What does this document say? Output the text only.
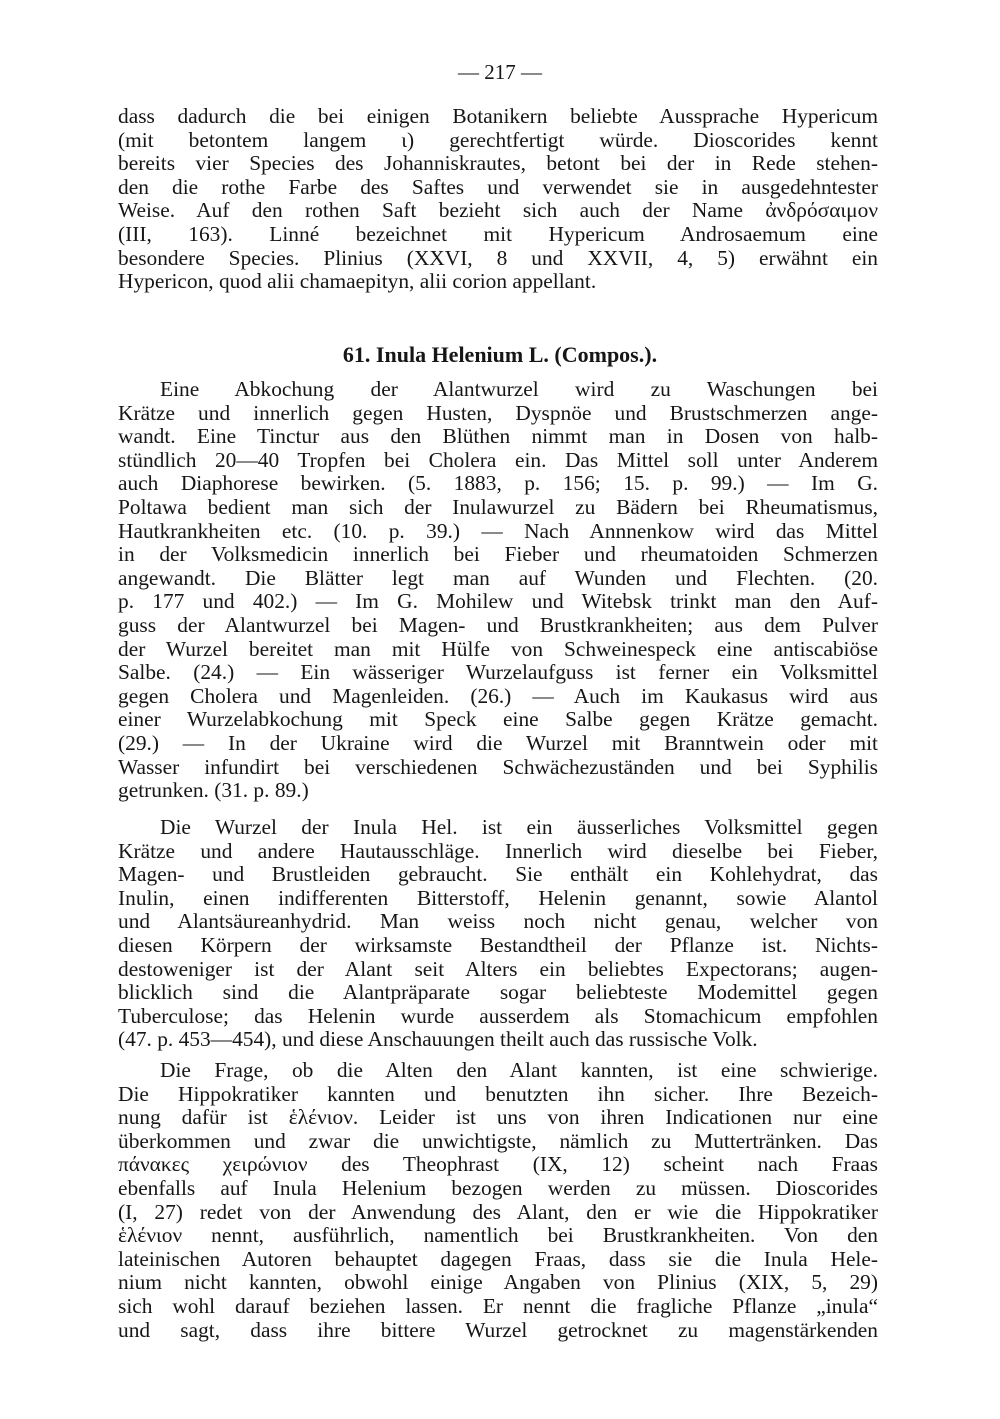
— 217 —
dass dadurch die bei einigen Botanikern beliebte Aussprache Hypericum
(mit betontem langem ι) gerechtfertigt würde. Dioscorides kennt
bereits vier Species des Johanniskrautes, betont bei der in Rede stehen-
den die rothe Farbe des Saftes und verwendet sie in ausgedehntester
Weise. Auf den rothen Saft bezieht sich auch der Name ἀνδρόσαιμον
(III, 163). Linné bezeichnet mit Hypericum Androsaemum eine
besondere Species. Plinius (XXVI, 8 und XXVII, 4, 5) erwähnt ein
Hypericon, quod alii chamaepityn, alii corion appellant.
61. Inula Helenium L. (Compos.).
Eine Abkochung der Alantwurzel wird zu Waschungen bei
Krätze und innerlich gegen Husten, Dyspnöe und Brustschmerzen ange-
wandt. Eine Tinctur aus den Blüthen nimmt man in Dosen von halb-
stündlich 20—40 Tropfen bei Cholera ein. Das Mittel soll unter Anderem
auch Diaphorese bewirken. (5. 1883, p. 156; 15. p. 99.) — Im G.
Poltawa bedient man sich der Inulawurzel zu Bädern bei Rheumatismus,
Hautkrankheiten etc. (10. p. 39.) — Nach Annnenkow wird das Mittel
in der Volksmedicin innerlich bei Fieber und rheumatoiden Schmerzen
angewandt. Die Blätter legt man auf Wunden und Flechten. (20.
p. 177 und 402.) — Im G. Mohilew und Witebsk trinkt man den Auf-
guss der Alantwurzel bei Magen- und Brustkrankheiten; aus dem Pulver
der Wurzel bereitet man mit Hülfe von Schweinespeck eine antiscabiöse
Salbe. (24.) — Ein wässeriger Wurzelaufguss ist ferner ein Volksmittel
gegen Cholera und Magenleiden. (26.) — Auch im Kaukasus wird aus
einer Wurzelabkochung mit Speck eine Salbe gegen Krätze gemacht.
(29.) — In der Ukraine wird die Wurzel mit Branntwein oder mit
Wasser infundirt bei verschiedenen Schwächezuständen und bei Syphilis
getrunken. (31. p. 89.)
Die Wurzel der Inula Hel. ist ein äusserliches Volksmittel gegen
Krätze und andere Hautausschläge. Innerlich wird dieselbe bei Fieber,
Magen- und Brustleiden gebraucht. Sie enthält ein Kohlehydrat, das
Inulin, einen indifferenten Bitterstoff, Helenin genannt, sowie Alantol
und Alantsäureanhydrid. Man weiss noch nicht genau, welcher von
diesen Körpern der wirksamste Bestandtheil der Pflanze ist. Nichts-
destoweniger ist der Alant seit Alters ein beliebtes Expectorans; augen-
blicklich sind die Alantpräparate sogar beliebteste Modemittel gegen
Tuberculose; das Helenin wurde ausserdem als Stomachicum empfohlen
(47. p. 453—454), und diese Anschauungen theilt auch das russische Volk.
Die Frage, ob die Alten den Alant kannten, ist eine schwierige.
Die Hippokratiker kannten und benutzten ihn sicher. Ihre Bezeich-
nung dafür ist ἑλένιον. Leider ist uns von ihren Indicationen nur eine
überkommen und zwar die unwichtigste, nämlich zu Muttertränken. Das
πάνακες χειρώνιον des Theophrast (IX, 12) scheint nach Fraas
ebenfalls auf Inula Helenium bezogen werden zu müssen. Dioscorides
(I, 27) redet von der Anwendung des Alant, den er wie die Hippokratiker
ἑλένιον nennt, ausführlich, namentlich bei Brustkrankheiten. Von den
lateinischen Autoren behauptet dagegen Fraas, dass sie die Inula Hele-
nium nicht kannten, obwohl einige Angaben von Plinius (XIX, 5, 29)
sich wohl darauf beziehen lassen. Er nennt die fragliche Pflanze „inula“
und sagt, dass ihre bittere Wurzel getrocknet zu magenstärkenden
